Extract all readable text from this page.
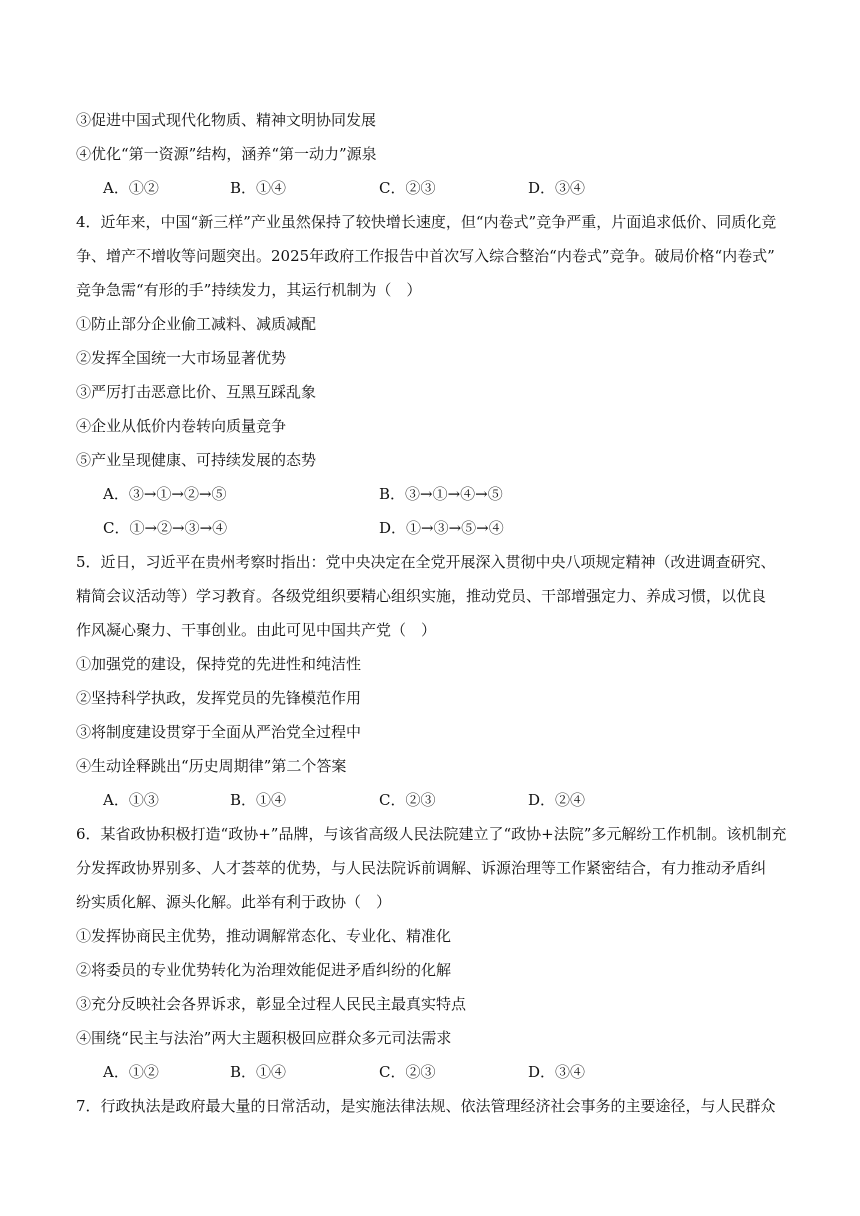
③促进中国式现代化物质、精神文明协同发展
④优化“第一资源”结构，涵养“第一动力”源泉
A．①②	B．①④	C．②③	D．③④
4．近年来，中国“新三样”产业虽然保持了较快增长速度，但“内卷式”竞争严重，片面追求低价、同质化竞
争、增产不增收等问题突出。2025年政府工作报告中首次写入综合整治“内卷式”竞争。破局价格“内卷式”
竞争急需“有形的手”持续发力，其运行机制为（　）
①防止部分企业偷工减料、减质减配
②发挥全国统一大市场显著优势
③严厉打击恶意比价、互黑互踩乱象
④企业从低价内卷转向质量竞争
⑤产业呈现健康、可持续发展的态势
A．③→①→②→⑤	B．③→①→④→⑤
C．①→②→③→④	D．①→③→⑤→④
5．近日，习近平在贵州考察时指出：党中央决定在全党开展深入贯彻中央八项规定精神（改进调查研究、
精简会议活动等）学习教育。各级党组织要精心组织实施，推动党员、干部增强定力、养成习惯，以优良
作风凝心聚力、干事创业。由此可见中国共产党（　）
①加强党的建设，保持党的先进性和纯洁性
②坚持科学执政，发挥党员的先锋模范作用
③将制度建设贯穿于全面从严治党全过程中
④生动诠释跳出“历史周期律”第二个答案
A．①③	B．①④	C．②③	D．②④
6．某省政协积极打造“政协+”品牌，与该省高级人民法院建立了“政协+法院”多元解纷工作机制。该机制充
分发挥政协界别多、人才荟萃的优势，与人民法院诉前调解、诉源治理等工作紧密结合，有力推动矛盾纠
纷实质化解、源头化解。此举有利于政协（　）
①发挥协商民主优势，推动调解常态化、专业化、精准化
②将委员的专业优势转化为治理效能促进矛盾纠纷的化解
③充分反映社会各界诉求，彰显全过程人民民主最真实特点
④围绕“民主与法治”两大主题积极回应群众多元司法需求
A．①②	B．①④	C．②③	D．③④
7．行政执法是政府最大量的日常活动，是实施法律法规、依法管理经济社会事务的主要途径，与人民群众
